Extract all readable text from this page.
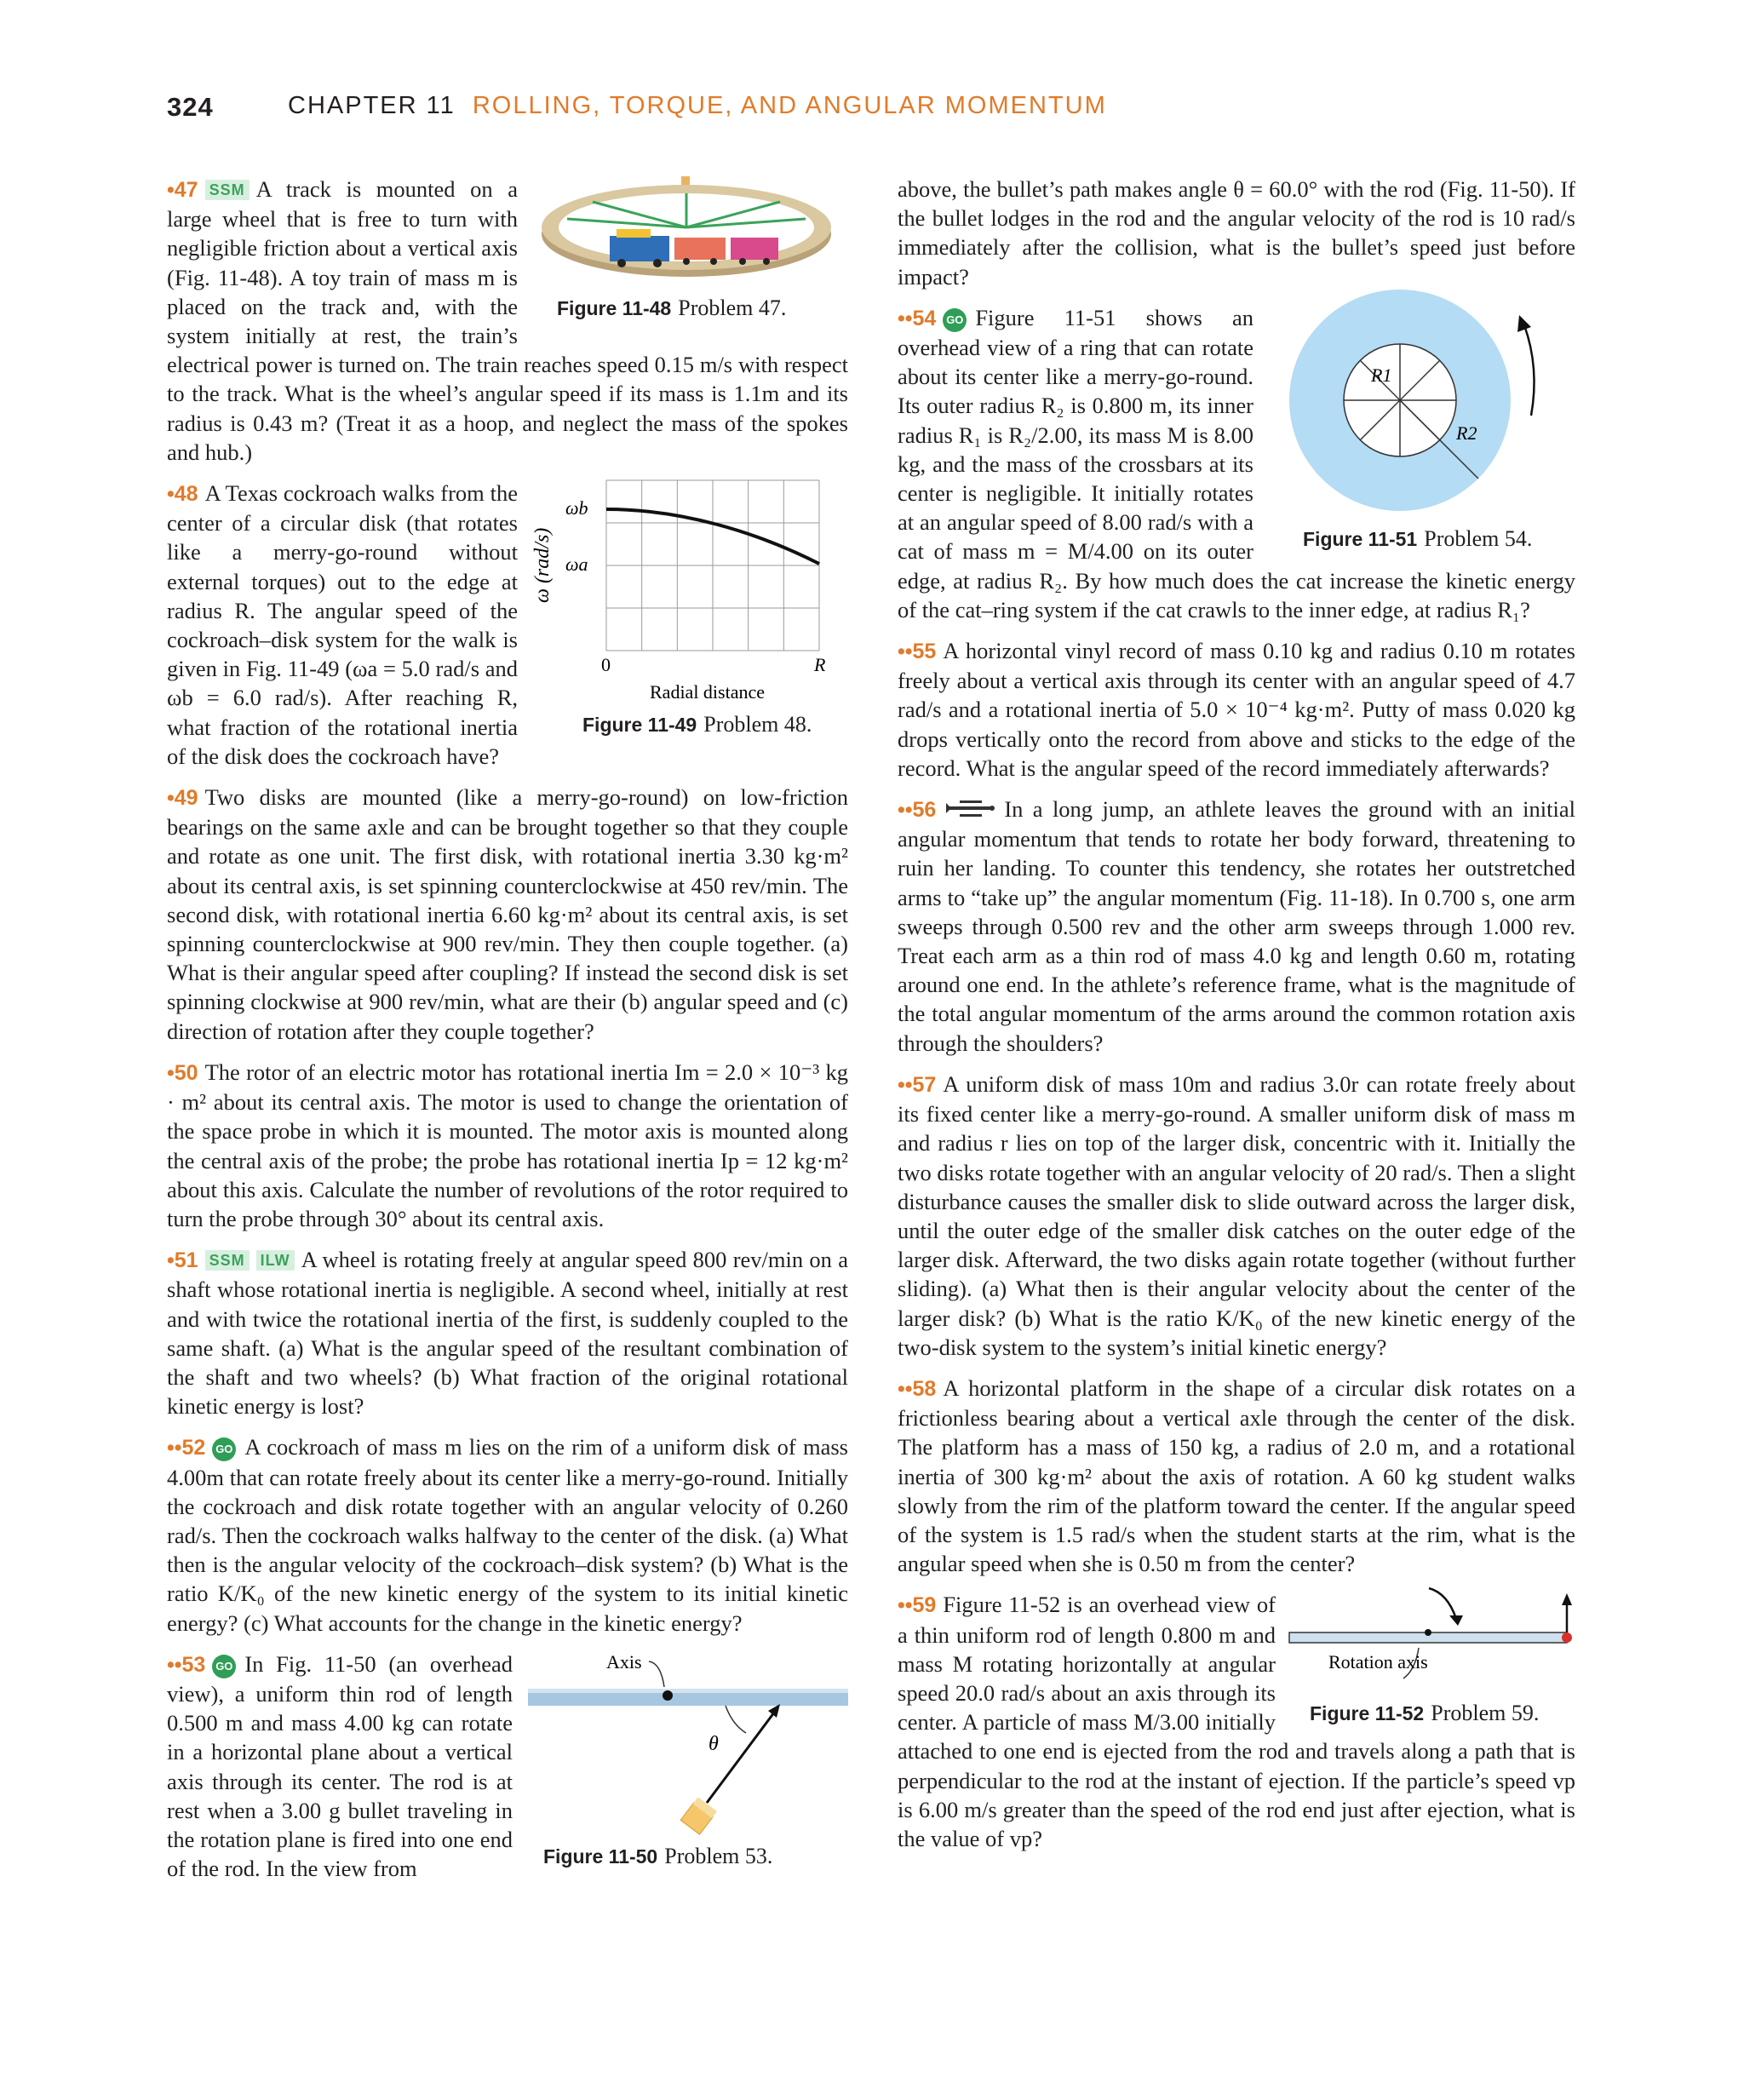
324	CHAPTER 11 ROLLING, TORQUE, AND ANGULAR MOMENTUM
Figure 11-48 Problem 47.
•47 SSM A track is mounted on a large wheel that is free to turn with negligible friction about a vertical axis (Fig. 11-48). A toy train of mass m is placed on the track and, with the system initially at rest, the train’s electrical power is turned on. The train reaches speed 0.15 m/s with respect to the track. What is the wheel’s angular speed if its mass is 1.1m and its radius is 0.43 m? (Treat it as a hoop, and neglect the mass of the spokes and hub.)
ω (rad/s)
ωb
ωa
0	R
Radial distance
Figure 11-49 Problem 48.
•48 A Texas cockroach walks from the center of a circular disk (that rotates like a merry-go-round without external torques) out to the edge at radius R. The angular speed of the cockroach–disk system for the walk is given in Fig. 11-49 (ωa = 5.0 rad/s and ωb = 6.0 rad/s). After reaching R, what fraction of the rotational inertia of the disk does the cockroach have?
•49 Two disks are mounted (like a merry-go-round) on low-friction bearings on the same axle and can be brought together so that they couple and rotate as one unit. The first disk, with rotational inertia 3.30 kg·m² about its central axis, is set spinning counterclockwise at 450 rev/min. The second disk, with rotational inertia 6.60 kg·m² about its central axis, is set spinning counterclockwise at 900 rev/min. They then couple together. (a) What is their angular speed after coupling? If instead the second disk is set spinning clockwise at 900 rev/min, what are their (b) angular speed and (c) direction of rotation after they couple together?
•50 The rotor of an electric motor has rotational inertia Im = 2.0 × 10⁻³ kg · m² about its central axis. The motor is used to change the orientation of the space probe in which it is mounted. The motor axis is mounted along the central axis of the probe; the probe has rotational inertia Ip = 12 kg·m² about this axis. Calculate the number of revolutions of the rotor required to turn the probe through 30° about its central axis.
•51 SSM ILW A wheel is rotating freely at angular speed 800 rev/min on a shaft whose rotational inertia is negligible. A second wheel, initially at rest and with twice the rotational inertia of the first, is suddenly coupled to the same shaft. (a) What is the angular speed of the resultant combination of the shaft and two wheels? (b) What fraction of the original rotational kinetic energy is lost?
••52 GO A cockroach of mass m lies on the rim of a uniform disk of mass 4.00m that can rotate freely about its center like a merry-go-round. Initially the cockroach and disk rotate together with an angular velocity of 0.260 rad/s. Then the cockroach walks halfway to the center of the disk. (a) What then is the angular velocity of the cockroach–disk system? (b) What is the ratio K/K₀ of the new kinetic energy of the system to its initial kinetic energy? (c) What accounts for the change in the kinetic energy?
Axis
θ
Figure 11-50 Problem 53.
••53 GO In Fig. 11-50 (an overhead view), a uniform thin rod of length 0.500 m and mass 4.00 kg can rotate in a horizontal plane about a vertical axis through its center. The rod is at rest when a 3.00 g bullet traveling in the rotation plane is fired into one end of the rod. In the view from
above, the bullet’s path makes angle θ = 60.0° with the rod (Fig. 11-50). If the bullet lodges in the rod and the angular velocity of the rod is 10 rad/s immediately after the collision, what is the bullet’s speed just before impact?
R1
R2
Figure 11-51 Problem 54.
••54 GO Figure 11-51 shows an overhead view of a ring that can rotate about its center like a merry-go-round. Its outer radius R₂ is 0.800 m, its inner radius R₁ is R₂/2.00, its mass M is 8.00 kg, and the mass of the crossbars at its center is negligible. It initially rotates at an angular speed of 8.00 rad/s with a cat of mass m = M/4.00 on its outer edge, at radius R₂. By how much does the cat increase the kinetic energy of the cat–ring system if the cat crawls to the inner edge, at radius R₁?
••55 A horizontal vinyl record of mass 0.10 kg and radius 0.10 m rotates freely about a vertical axis through its center with an angular speed of 4.7 rad/s and a rotational inertia of 5.0 × 10⁻⁴ kg·m². Putty of mass 0.020 kg drops vertically onto the record from above and sticks to the edge of the record. What is the angular speed of the record immediately afterwards?
••56	In a long jump, an athlete leaves the ground with an initial angular momentum that tends to rotate her body forward, threatening to ruin her landing. To counter this tendency, she rotates her outstretched arms to “take up” the angular momentum (Fig. 11-18). In 0.700 s, one arm sweeps through 0.500 rev and the other arm sweeps through 1.000 rev. Treat each arm as a thin rod of mass 4.0 kg and length 0.60 m, rotating around one end. In the athlete’s reference frame, what is the magnitude of the total angular momentum of the arms around the common rotation axis through the shoulders?
••57 A uniform disk of mass 10m and radius 3.0r can rotate freely about its fixed center like a merry-go-round. A smaller uniform disk of mass m and radius r lies on top of the larger disk, concentric with it. Initially the two disks rotate together with an angular velocity of 20 rad/s. Then a slight disturbance causes the smaller disk to slide outward across the larger disk, until the outer edge of the smaller disk catches on the outer edge of the larger disk. Afterward, the two disks again rotate together (without further sliding). (a) What then is their angular velocity about the center of the larger disk? (b) What is the ratio K/K₀ of the new kinetic energy of the two-disk system to the system’s initial kinetic energy?
••58 A horizontal platform in the shape of a circular disk rotates on a frictionless bearing about a vertical axle through the center of the disk. The platform has a mass of 150 kg, a radius of 2.0 m, and a rotational inertia of 300 kg·m² about the axis of rotation. A 60 kg student walks slowly from the rim of the platform toward the center. If the angular speed of the system is 1.5 rad/s when the student starts at the rim, what is the angular speed when she is 0.50 m from the center?
Rotation axis
Figure 11-52 Problem 59.
••59 Figure 11-52 is an overhead view of a thin uniform rod of length 0.800 m and mass M rotating horizontally at angular speed 20.0 rad/s about an axis through its center. A particle of mass M/3.00 initially attached to one end is ejected from the rod and travels along a path that is perpendicular to the rod at the instant of ejection. If the particle’s speed vp is 6.00 m/s greater than the speed of the rod end just after ejection, what is the value of vp?
